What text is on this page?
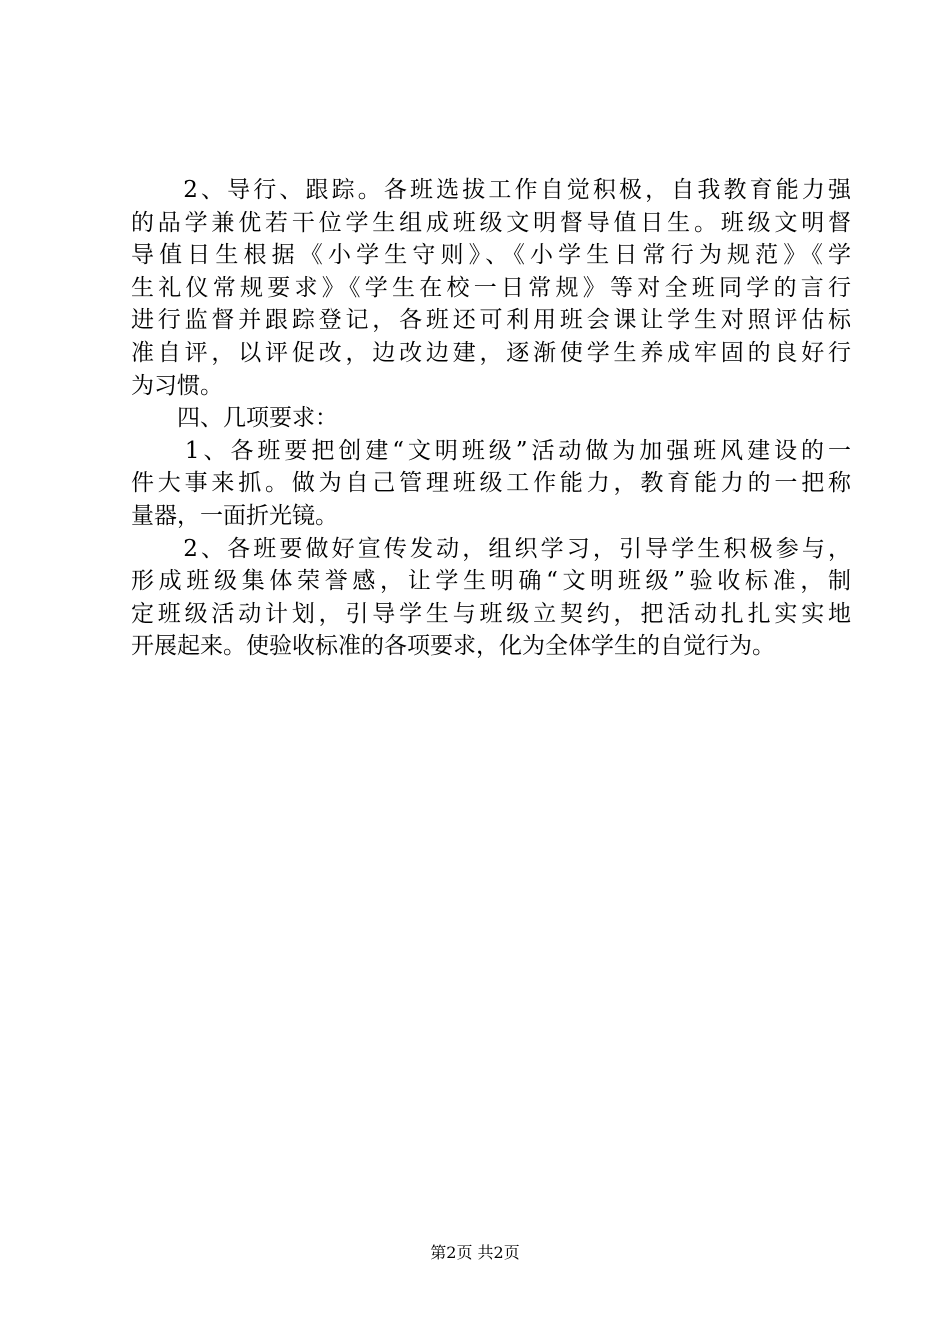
　　2、导行、跟踪。各班选拔工作自觉积极，自我教育能力强
的品学兼优若干位学生组成班级文明督导值日生。班级文明督
导值日生根据《小学生守则》、《小学生日常行为规范》《学
生礼仪常规要求》《学生在校一日常规》等对全班同学的言行
进行监督并跟踪登记，各班还可利用班会课让学生对照评估标
准自评，以评促改，边改边建，逐渐使学生养成牢固的良好行
为习惯。
　　四、几项要求：
　　1、各班要把创建“文明班级”活动做为加强班风建设的一
件大事来抓。做为自己管理班级工作能力，教育能力的一把称
量器，一面折光镜。
　　2、各班要做好宣传发动，组织学习，引导学生积极参与，
形成班级集体荣誉感，让学生明确“文明班级”验收标准，制
定班级活动计划，引导学生与班级立契约，把活动扎扎实实地
开展起来。使验收标准的各项要求，化为全体学生的自觉行为。
第2页 共2页
